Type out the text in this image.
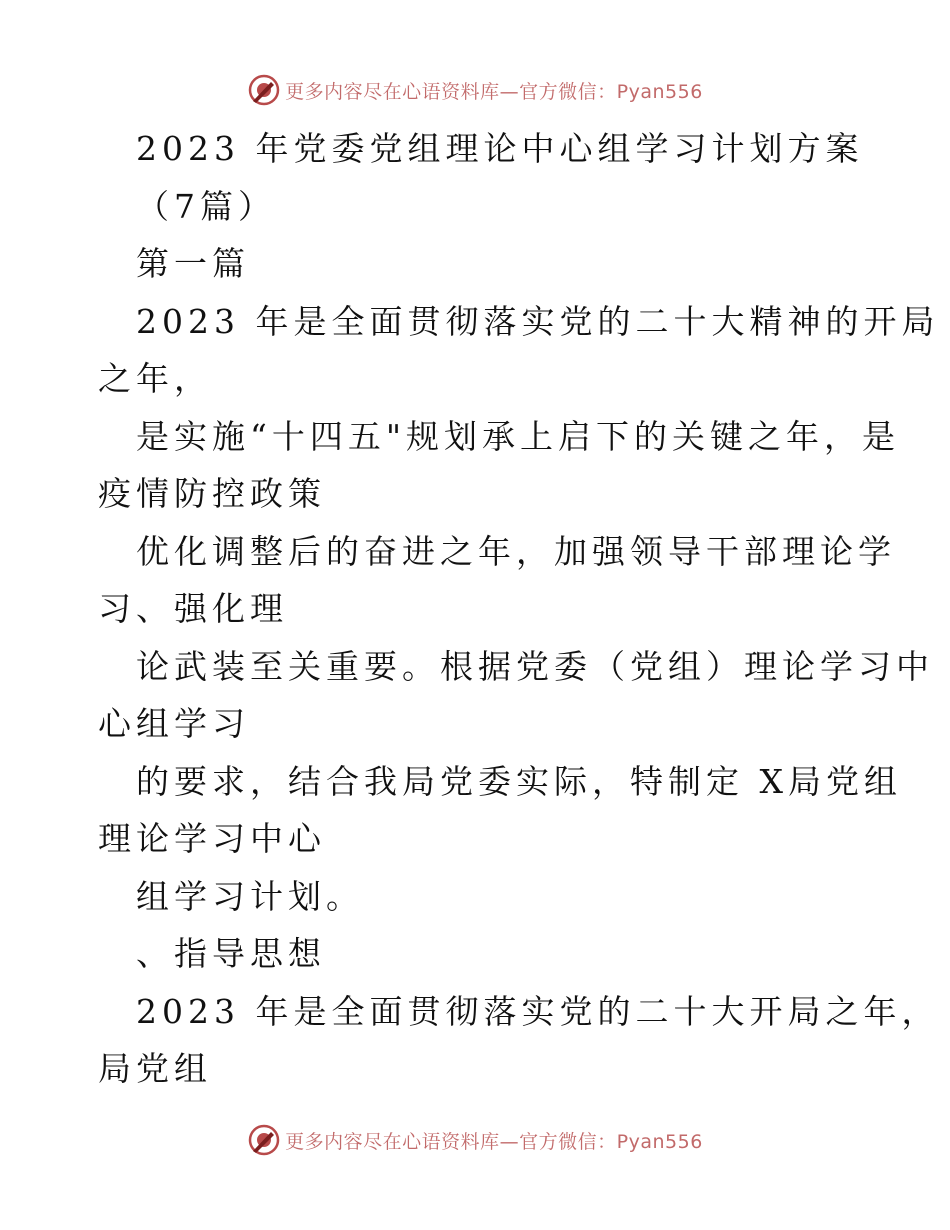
更多内容尽在心语资料库—官方微信：Pyan556
2023 年党委党组理论中心组学习计划方案
（7篇）
第一篇
2023 年是全面贯彻落实党的二十大精神的开局
之年，
是实施“十四五"规划承上启下的关键之年，是
疫情防控政策
优化调整后的奋进之年，加强领导干部理论学
习、强化理
论武装至关重要。根据党委（党组）理论学习中
心组学习
的要求，结合我局党委实际，特制定 X局党组
理论学习中心
组学习计划。
、指导思想
2023 年是全面贯彻落实党的二十大开局之年，
局党组
更多内容尽在心语资料库—官方微信：Pyan556
